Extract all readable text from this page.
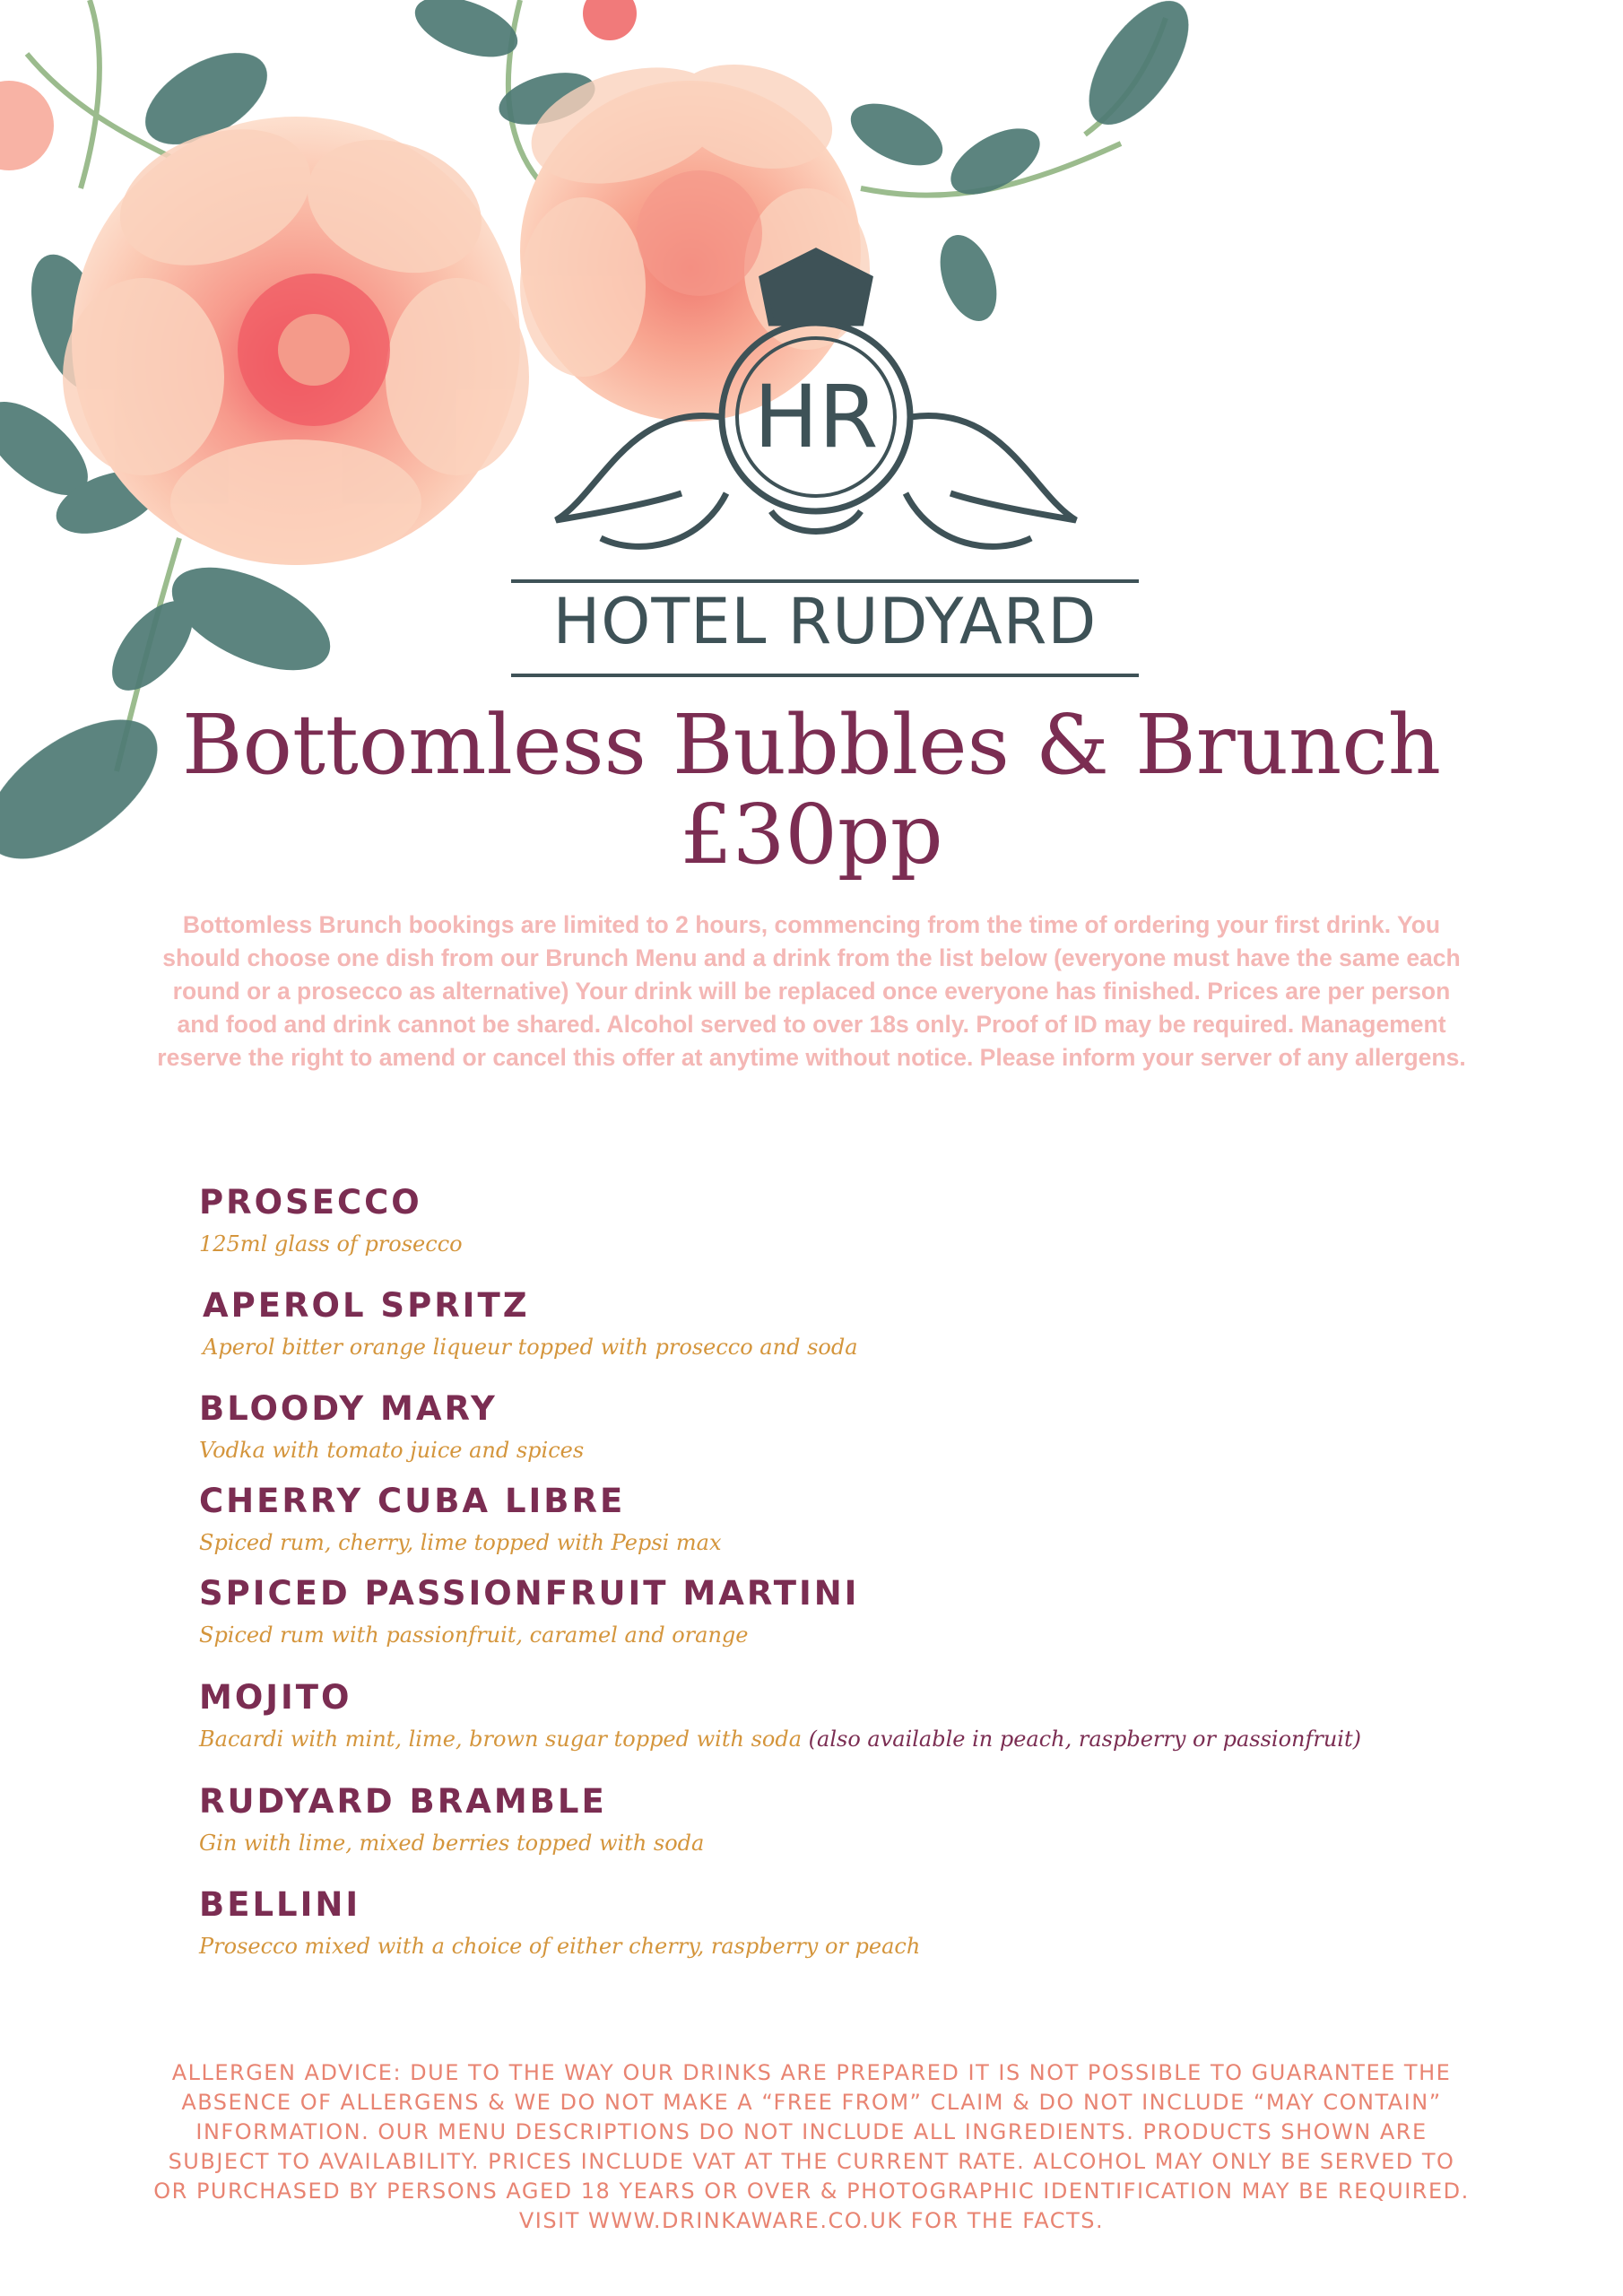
HR
HOTEL RUDYARD
Bottomless Bubbles & Brunch
£30pp
Bottomless Brunch bookings are limited to 2 hours, commencing from the time of ordering your first drink. You should choose one dish from our Brunch Menu and a drink from the list below (everyone must have the same each round or a prosecco as alternative) Your drink will be replaced once everyone has finished. Prices are per person and food and drink cannot be shared. Alcohol served to over 18s only. Proof of ID may be required. Management reserve the right to amend or cancel this offer at anytime without notice. Please inform your server of any allergens.
PROSECCO
125ml glass of prosecco
APEROL SPRITZ
Aperol bitter orange liqueur topped with prosecco and soda
BLOODY MARY
Vodka with tomato juice and spices
CHERRY CUBA LIBRE
Spiced rum, cherry, lime topped with Pepsi max
SPICED PASSIONFRUIT MARTINI
Spiced rum with passionfruit, caramel and orange
MOJITO
Bacardi with mint, lime, brown sugar topped with soda (also available in peach, raspberry or passionfruit)
RUDYARD BRAMBLE
Gin with lime, mixed berries topped with soda
BELLINI
Prosecco mixed with a choice of either cherry, raspberry or peach
ALLERGEN ADVICE: DUE TO THE WAY OUR DRINKS ARE PREPARED IT IS NOT POSSIBLE TO GUARANTEE THE ABSENCE OF ALLERGENS & WE DO NOT MAKE A “FREE FROM” CLAIM & DO NOT INCLUDE “MAY CONTAIN” INFORMATION. OUR MENU DESCRIPTIONS DO NOT INCLUDE ALL INGREDIENTS. PRODUCTS SHOWN ARE SUBJECT TO AVAILABILITY. PRICES INCLUDE VAT AT THE CURRENT RATE. ALCOHOL MAY ONLY BE SERVED TO OR PURCHASED BY PERSONS AGED 18 YEARS OR OVER & PHOTOGRAPHIC IDENTIFICATION MAY BE REQUIRED. VISIT WWW.DRINKAWARE.CO.UK FOR THE FACTS.
